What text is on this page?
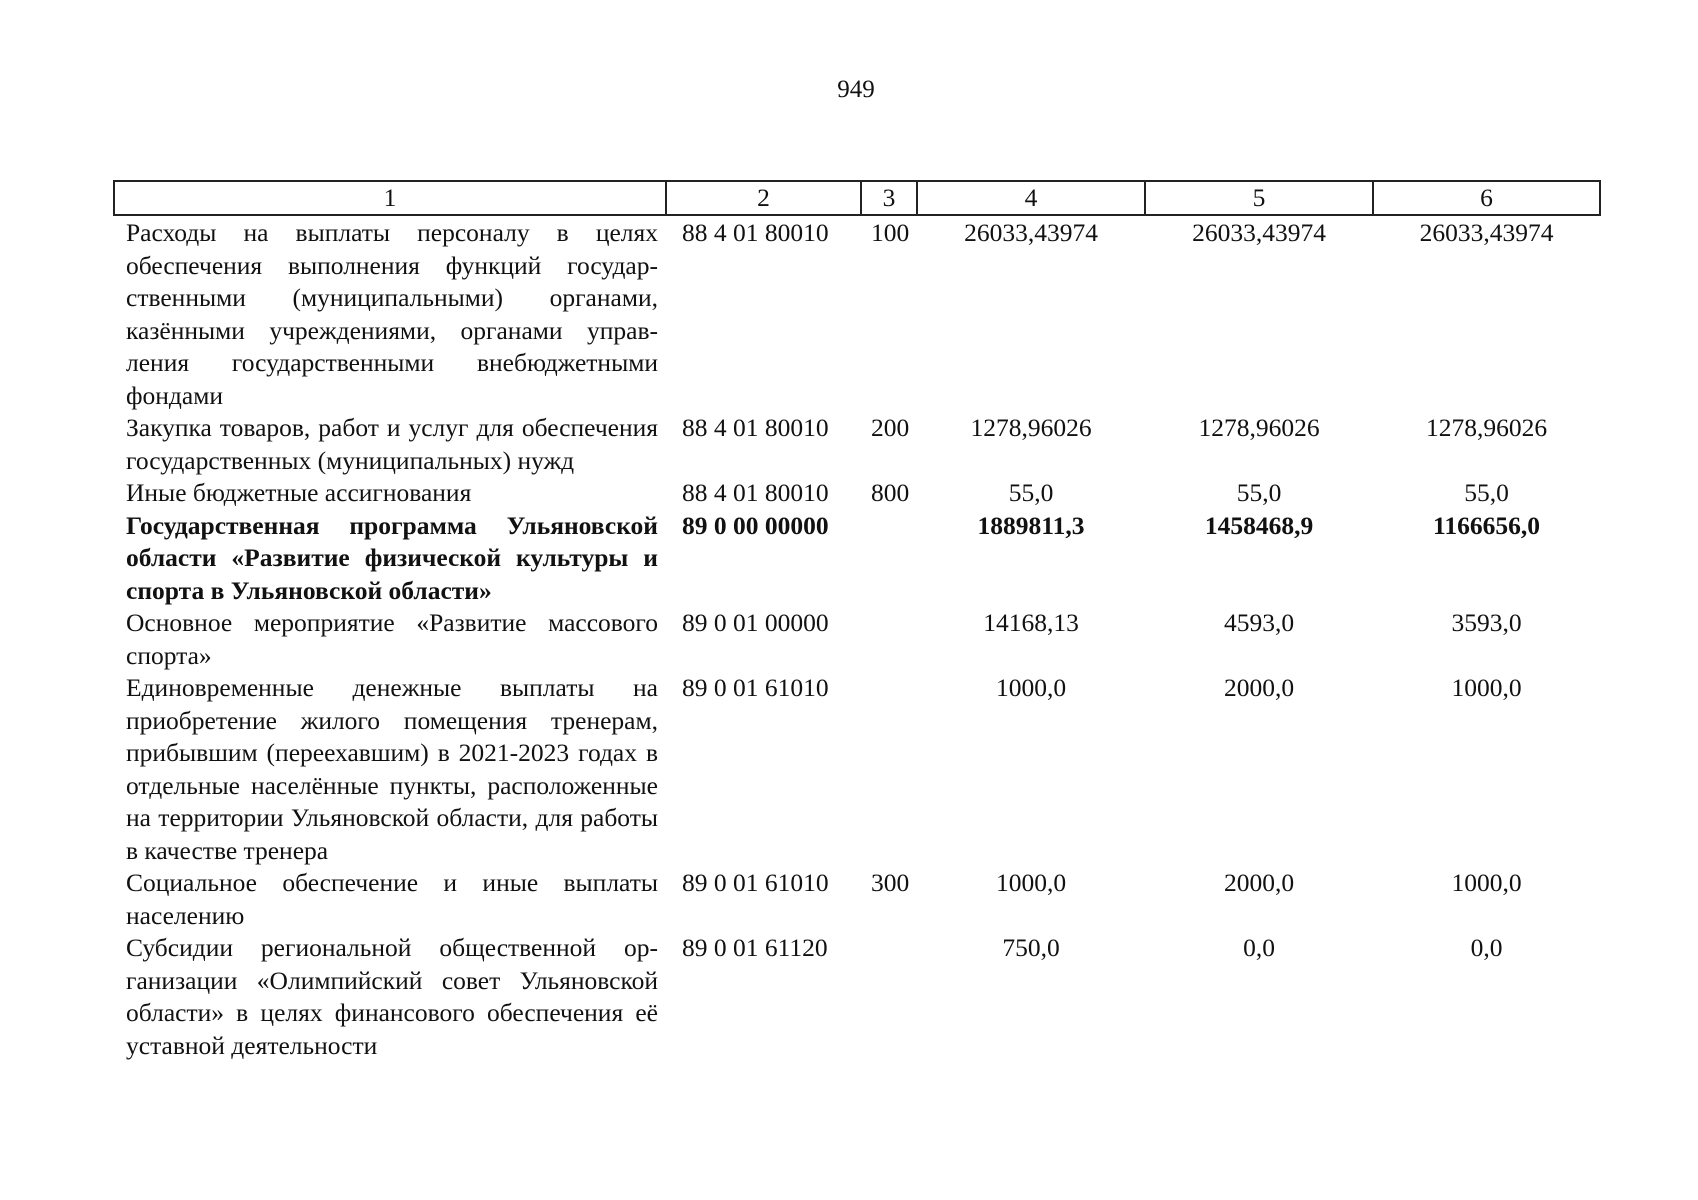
949
1	2	3	4	5	6
Расходы на выплаты персоналу в целях обеспечения выполнения функций государственными (муниципальными) органами, казёнными учреждениями, органами управления государственными внебюджетными фондами	88 4 01 80010	100	26033,43974	26033,43974	26033,43974
Закупка товаров, работ и услуг для обеспечения государственных (муниципальных) нужд	88 4 01 80010	200	1278,96026	1278,96026	1278,96026
Иные бюджетные ассигнования	88 4 01 80010	800	55,0	55,0	55,0
Государственная программа Ульяновской области «Развитие физической культуры и спорта в Ульяновской области»	89 0 00 00000		1889811,3	1458468,9	1166656,0
Основное мероприятие «Развитие массового спорта»	89 0 01 00000		14168,13	4593,0	3593,0
Единовременные денежные выплаты на приобретение жилого помещения тренерам, прибывшим (переехавшим) в 2021-2023 годах в отдельные населённые пункты, расположенные на территории Ульяновской области, для работы в качестве тренера	89 0 01 61010		1000,0	2000,0	1000,0
Социальное обеспечение и иные выплаты населению	89 0 01 61010	300	1000,0	2000,0	1000,0
Субсидии региональной общественной организации «Олимпийский совет Ульяновской области» в целях финансового обеспечения её уставной деятельности	89 0 01 61120		750,0	0,0	0,0
